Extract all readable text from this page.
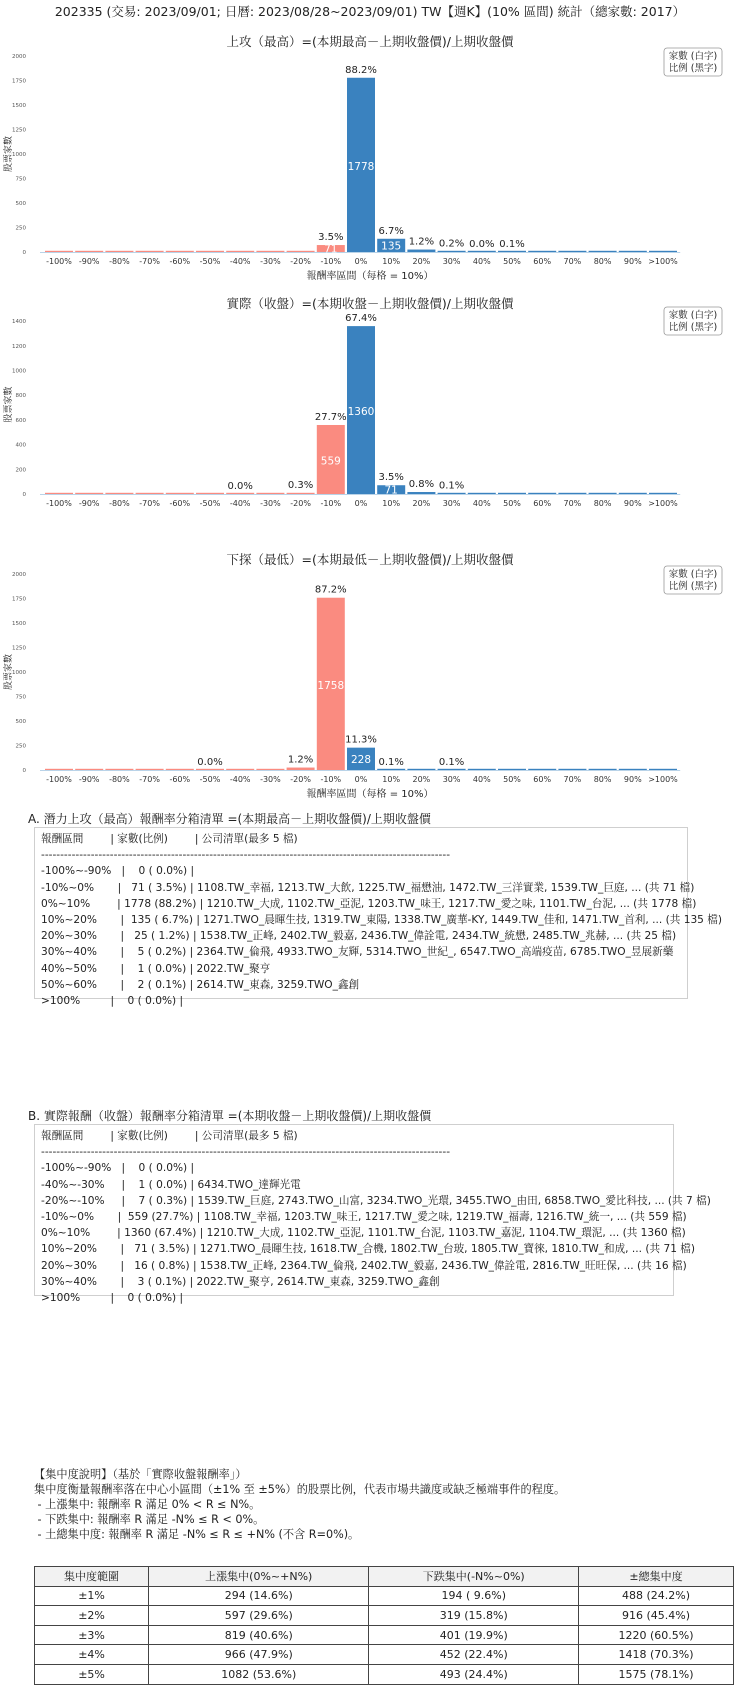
202335 (交易: 2023/09/01; 日曆: 2023/08/28~2023/09/01) TW【週K】(10% 區間) 統計（總家數: 2017）
上攻（最高）=(本期最高－上期收盤價)/上期收盤價
0
250
500
750
1000
1250
1500
1750
2000
股票家數
-100% -90% -80% -70% -60% -50% -40% -30% -20% -10%
3.5%
71
0%
88.2%
1778
10%
6.7%
135
20%
1.2%
30%
0.2%
40%
0.0%
50%
0.1%
60% 70% 80% 90% >100%
報酬率區間（每格 = 10%）
家數 (白字)
比例 (黑字)
實際（收盤）=(本期收盤－上期收盤價)/上期收盤價
0
200
400
600
800
1000
1200
1400
股票家數
-100% -90% -80% -70% -60% -50% -40%
0.0%
-30% -20%
0.3%
-10%
27.7%
559
0%
67.4%
1360
10%
3.5%
71
20%
0.8%
30%
0.1%
40% 50% 60% 70% 80% 90% >100%
家數 (白字)
比例 (黑字)
下探（最低）=(本期最低－上期收盤價)/上期收盤價
0
250
500
750
1000
1250
1500
1750
2000
股票家數
-100% -90% -80% -70% -60% -50%
0.0%
-40% -30% -20%
1.2%
-10%
87.2%
1758
0%
11.3%
228
10%
0.1%
20% 30%
0.1%
40% 50% 60% 70% 80% 90% >100%
報酬率區間（每格 = 10%）
家數 (白字)
比例 (黑字)
A. 潛力上攻（最高）報酬率分箱清單 =(本期最高－上期收盤價)/上期收盤價
報酬區間        | 家數(比例)        | 公司清單(最多 5 檔)
-----------------------------------------------------------------------------------------------------------
-100%~-90%   |    0 ( 0.0%) |
-10%~0%       |   71 ( 3.5%) | 1108.TW_幸福, 1213.TW_大飲, 1225.TW_福懋油, 1472.TW_三洋實業, 1539.TW_巨庭, ... (共 71 檔)
0%~10%        | 1778 (88.2%) | 1210.TW_大成, 1102.TW_亞泥, 1203.TW_味王, 1217.TW_愛之味, 1101.TW_台泥, ... (共 1778 檔)
10%~20%       |  135 ( 6.7%) | 1271.TWO_晨暉生技, 1319.TW_東陽, 1338.TW_廣華-KY, 1449.TW_佳和, 1471.TW_首利, ... (共 135 檔)
20%~30%       |   25 ( 1.2%) | 1538.TW_正峰, 2402.TW_毅嘉, 2436.TW_偉詮電, 2434.TW_統懋, 2485.TW_兆赫, ... (共 25 檔)
30%~40%       |    5 ( 0.2%) | 2364.TW_倫飛, 4933.TWO_友輝, 5314.TWO_世紀_, 6547.TWO_高端疫苗, 6785.TWO_昱展新藥
40%~50%       |    1 ( 0.0%) | 2022.TW_聚亨
50%~60%       |    2 ( 0.1%) | 2614.TW_東森, 3259.TWO_鑫創
>100%         |    0 ( 0.0%) |
B. 實際報酬（收盤）報酬率分箱清單 =(本期收盤－上期收盤價)/上期收盤價
報酬區間        | 家數(比例)        | 公司清單(最多 5 檔)
-----------------------------------------------------------------------------------------------------------
-100%~-90%   |    0 ( 0.0%) |
-40%~-30%     |    1 ( 0.0%) | 6434.TWO_達輝光電
-20%~-10%     |    7 ( 0.3%) | 1539.TW_巨庭, 2743.TWO_山富, 3234.TWO_光環, 3455.TWO_由田, 6858.TWO_愛比科技, ... (共 7 檔)
-10%~0%       |  559 (27.7%) | 1108.TW_幸福, 1203.TW_味王, 1217.TW_愛之味, 1219.TW_福壽, 1216.TW_統一, ... (共 559 檔)
0%~10%        | 1360 (67.4%) | 1210.TW_大成, 1102.TW_亞泥, 1101.TW_台泥, 1103.TW_嘉泥, 1104.TW_環泥, ... (共 1360 檔)
10%~20%       |   71 ( 3.5%) | 1271.TWO_晨暉生技, 1618.TW_合機, 1802.TW_台玻, 1805.TW_寶徠, 1810.TW_和成, ... (共 71 檔)
20%~30%       |   16 ( 0.8%) | 1538.TW_正峰, 2364.TW_倫飛, 2402.TW_毅嘉, 2436.TW_偉詮電, 2816.TW_旺旺保, ... (共 16 檔)
30%~40%       |    3 ( 0.1%) | 2022.TW_聚亨, 2614.TW_東森, 3259.TWO_鑫創
>100%         |    0 ( 0.0%) |
【集中度說明】（基於「實際收盤報酬率」）
集中度衡量報酬率落在中心小區間（±1% 至 ±5%）的股票比例，代表市場共識度或缺乏極端事件的程度。
- 上漲集中: 報酬率 R 滿足 0% < R ≤ N%。
- 下跌集中: 報酬率 R 滿足 -N% ≤ R < 0%。
- 土總集中度: 報酬率 R 滿足 -N% ≤ R ≤ +N% (不含 R=0%)。
集中度範圍	上漲集中(0%~+N%)	下跌集中(-N%~0%)	±總集中度
±1%	294 (14.6%)	194 ( 9.6%)	488 (24.2%)
±2%	597 (29.6%)	319 (15.8%)	916 (45.4%)
±3%	819 (40.6%)	401 (19.9%)	1220 (60.5%)
±4%	966 (47.9%)	452 (22.4%)	1418 (70.3%)
±5%	1082 (53.6%)	493 (24.4%)	1575 (78.1%)
